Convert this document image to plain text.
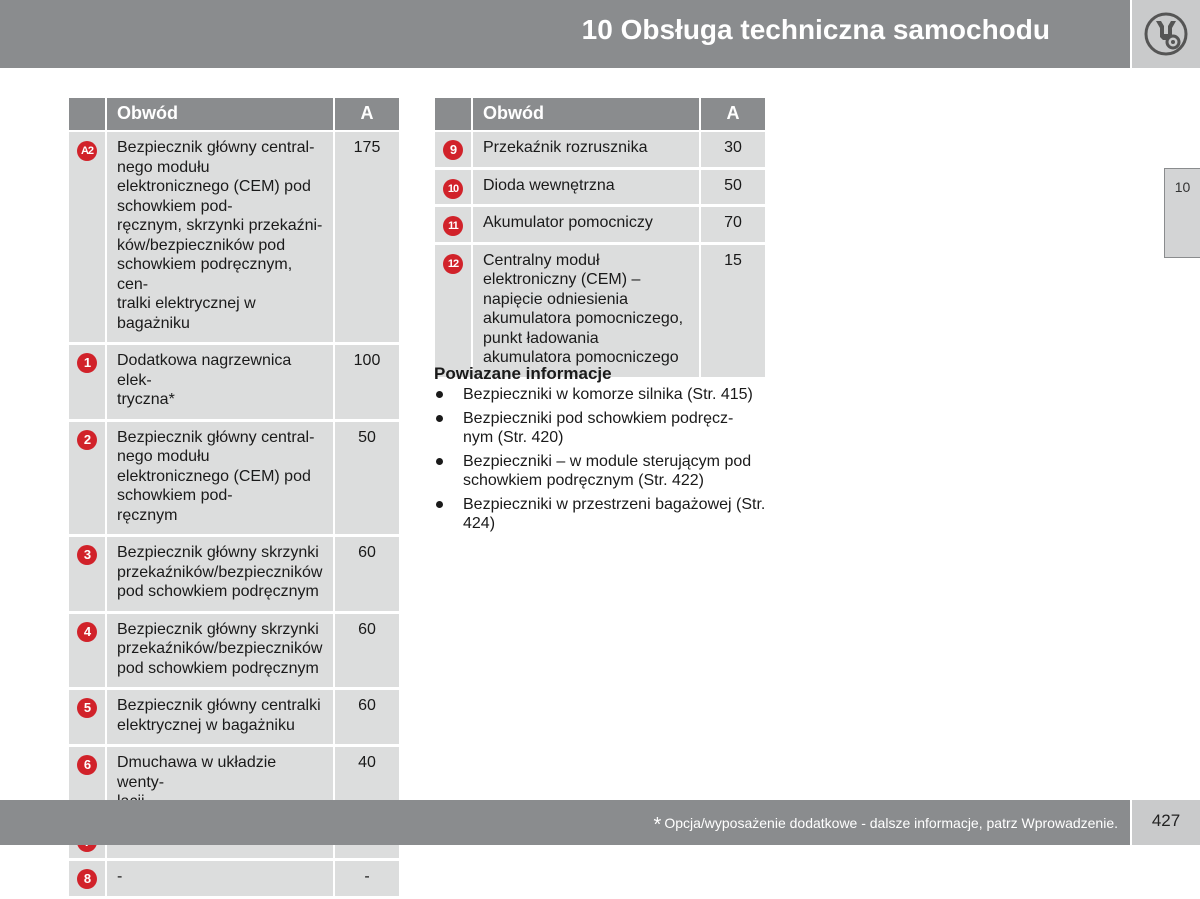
10 Obsługa techniczna samochodu
10
	Obwód	A
A2	Bezpiecznik główny central-
nego modułu elektronicznego (CEM) pod schowkiem pod-
ręcznym, skrzynki przekaźni-
ków/bezpieczników pod schowkiem podręcznym, cen-
tralki elektrycznej w bagażniku	175
1	Dodatkowa nagrzewnica elek-
tryczna*	100
2	Bezpiecznik główny central-
nego modułu elektronicznego (CEM) pod schowkiem pod-
ręcznym	50
3	Bezpiecznik główny skrzynki przekaźników/bezpieczników pod schowkiem podręcznym	60
4	Bezpiecznik główny skrzynki przekaźników/bezpieczników pod schowkiem podręcznym	60
5	Bezpiecznik główny centralki elektrycznej w bagażniku	60
6	Dmuchawa w układzie wenty-	40

8	-	-
	Obwód	A
9	Przekaźnik rozrusznika	30
10	Dioda wewnętrzna	50
11	Akumulator pomocniczy	70
12	Centralny moduł elektroniczny (CEM) – napięcie odniesienia akumulatora pomocniczego, punkt ładowania akumulatora pomocniczego	15
Powiazane informacje
Bezpieczniki w komorze silnika (Str. 415)
Bezpieczniki pod schowkiem podręcz-
nym (Str. 420)
Bezpieczniki – w module sterującym pod schowkiem podręcznym (Str. 422)
Bezpieczniki w przestrzeni bagażowej (Str. 424)
* Opcja/wyposażenie dodatkowe - dalsze informacje, patrz Wprowadzenie.	427
